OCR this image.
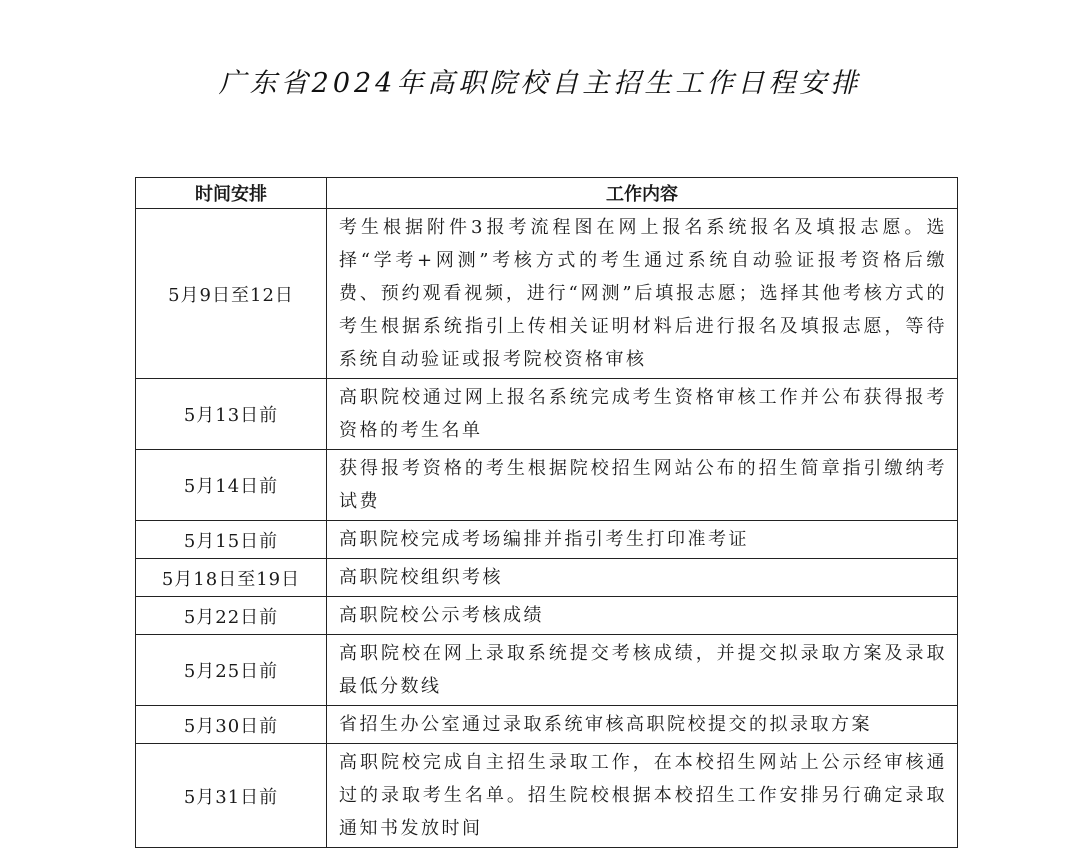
广东省2024年高职院校自主招生工作日程安排
时间安排	工作内容
5月9日至12日	考生根据附件3报考流程图在网上报名系统报名及填报志愿。选择“学考+网测”考核方式的考生通过系统自动验证报考资格后缴费、预约观看视频，进行“网测”后填报志愿；选择其他考核方式的考生根据系统指引上传相关证明材料后进行报名及填报志愿，等待系统自动验证或报考院校资格审核
5月13日前	高职院校通过网上报名系统完成考生资格审核工作并公布获得报考资格的考生名单
5月14日前	获得报考资格的考生根据院校招生网站公布的招生简章指引缴纳考试费
5月15日前	高职院校完成考场编排并指引考生打印准考证
5月18日至19日	高职院校组织考核
5月22日前	高职院校公示考核成绩
5月25日前	高职院校在网上录取系统提交考核成绩，并提交拟录取方案及录取最低分数线
5月30日前	省招生办公室通过录取系统审核高职院校提交的拟录取方案
5月31日前	高职院校完成自主招生录取工作，在本校招生网站上公示经审核通过的录取考生名单。招生院校根据本校招生工作安排另行确定录取通知书发放时间
